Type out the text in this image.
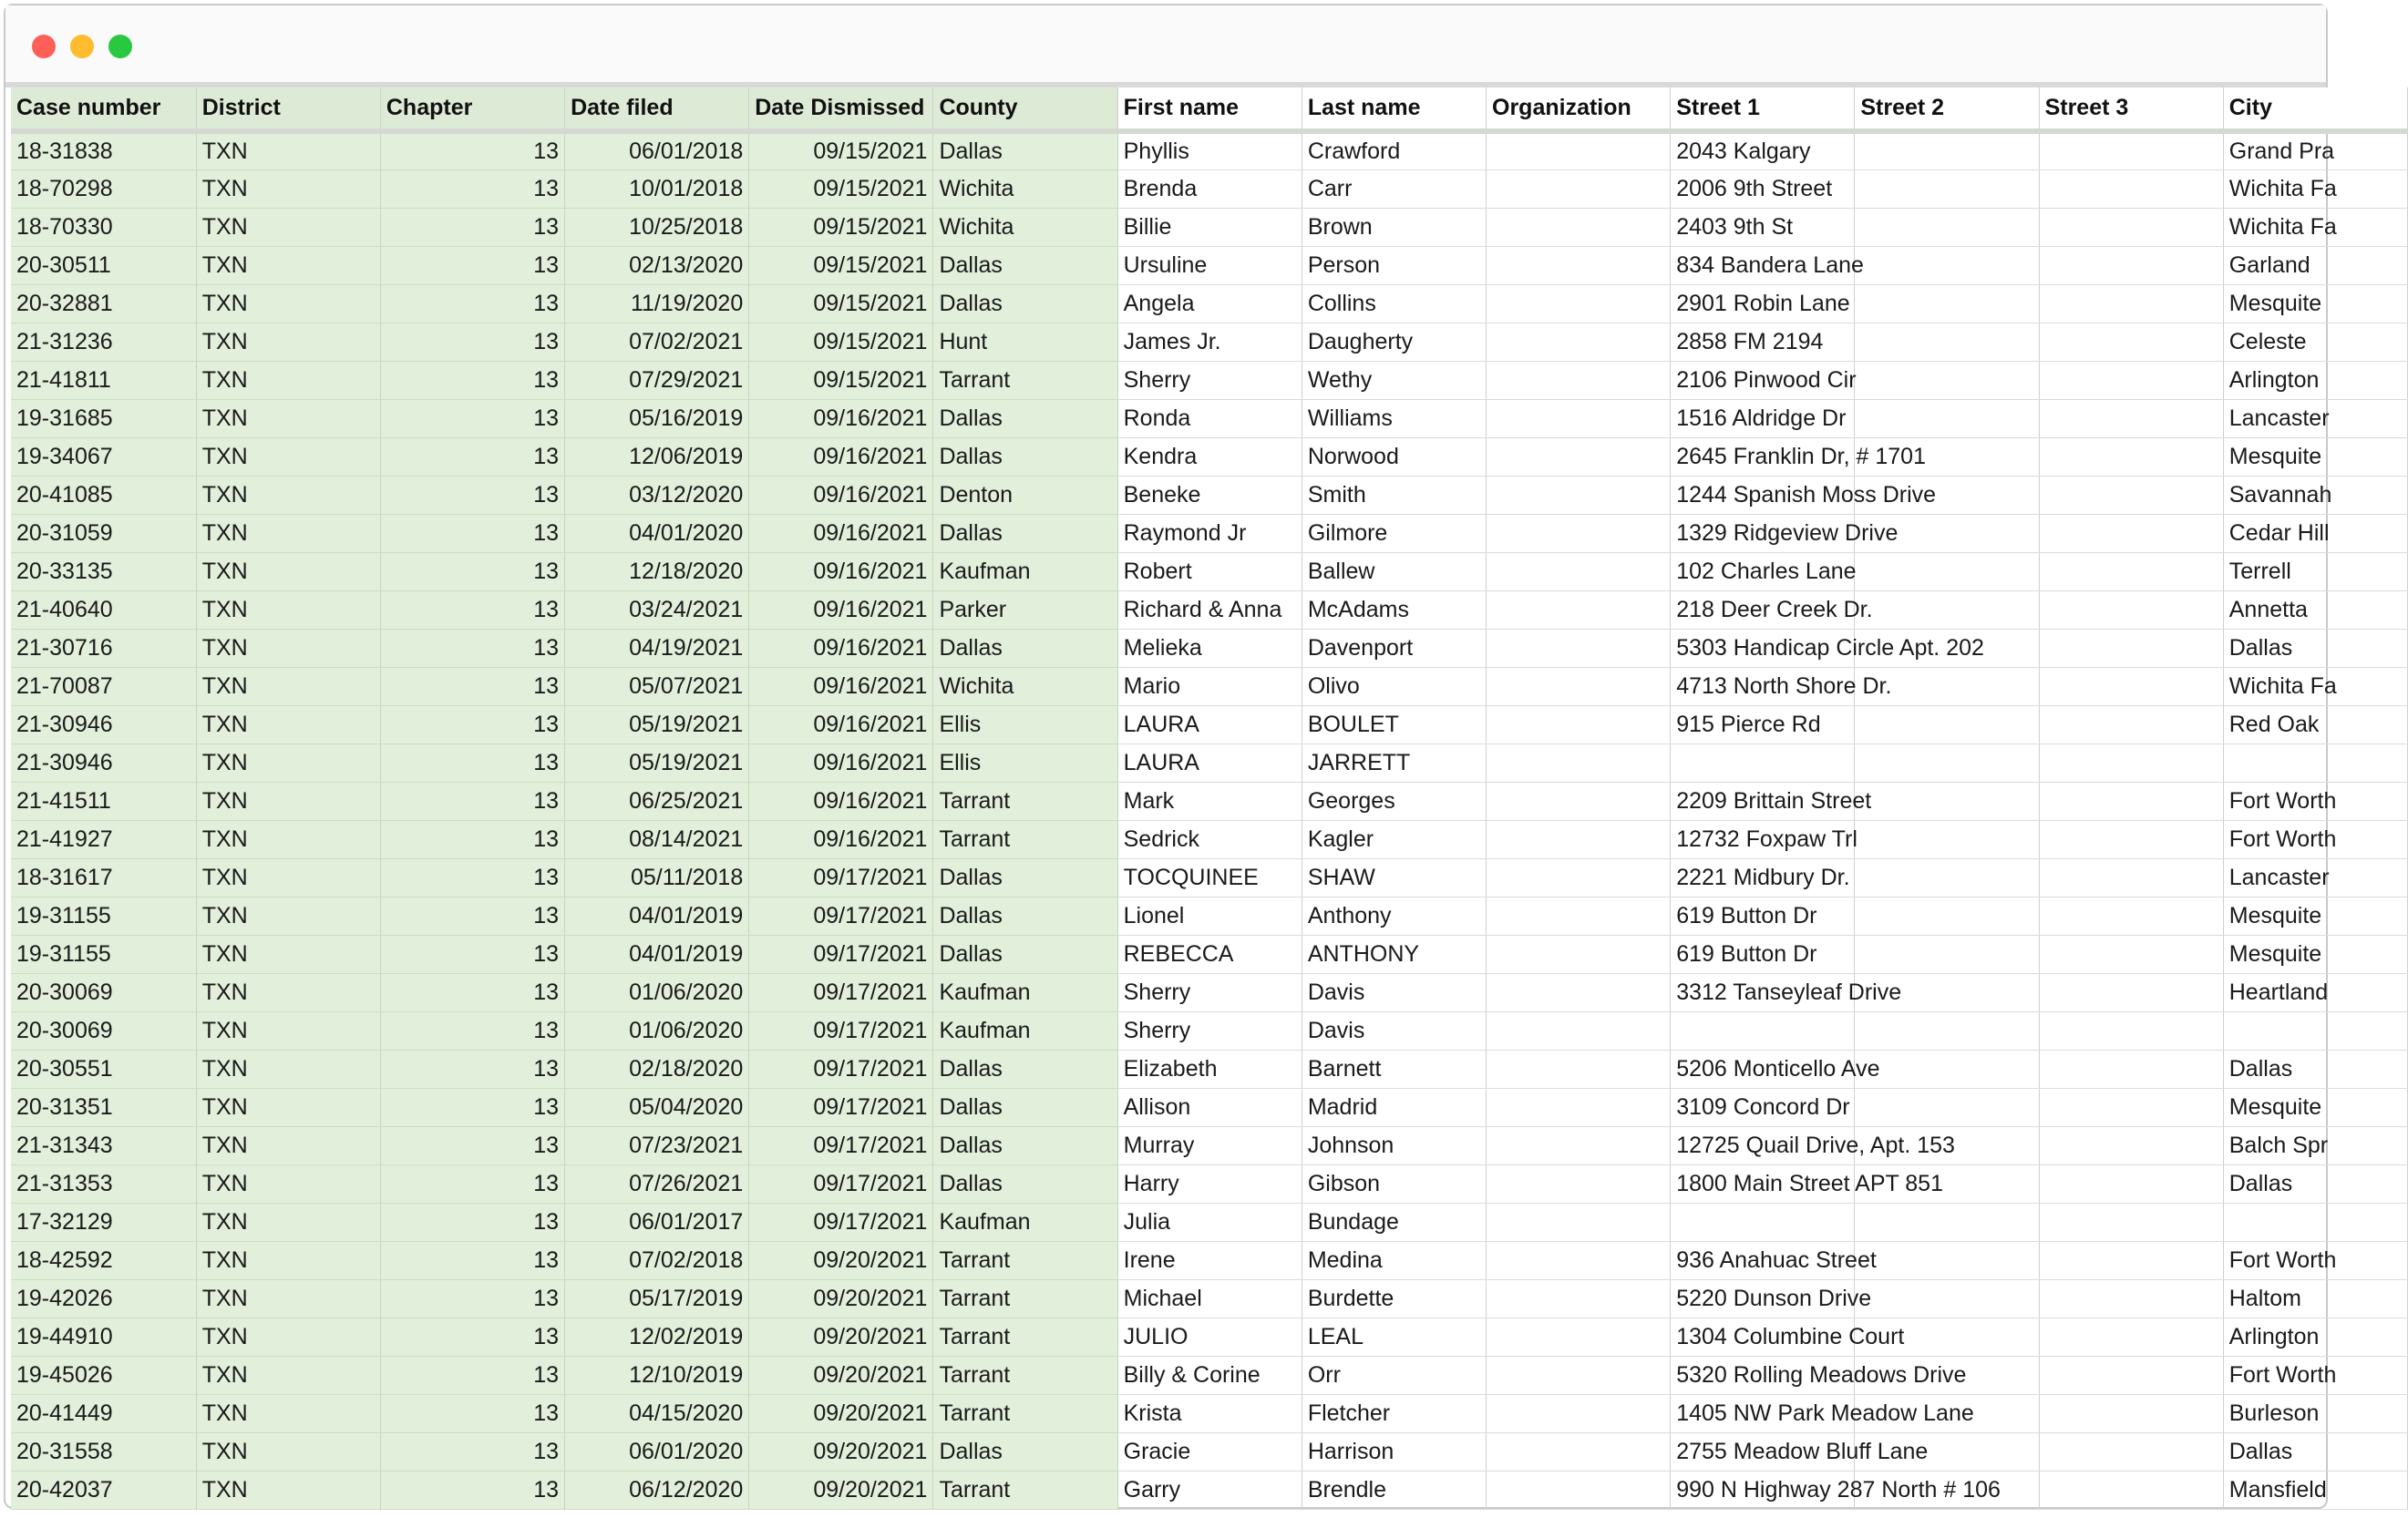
Case number	District	Chapter	Date filed	Date Dismissed	County	First name	Last name	Organization	Street 1	Street 2	Street 3	City
18-31838	TXN	13	06/01/2018	09/15/2021	Dallas	Phyllis	Crawford		2043 Kalgary			Grand Pra
18-70298	TXN	13	10/01/2018	09/15/2021	Wichita	Brenda	Carr		2006 9th Street			Wichita Fa
18-70330	TXN	13	10/25/2018	09/15/2021	Wichita	Billie	Brown		2403 9th St			Wichita Fa
20-30511	TXN	13	02/13/2020	09/15/2021	Dallas	Ursuline	Person		834 Bandera Lane			Garland
20-32881	TXN	13	11/19/2020	09/15/2021	Dallas	Angela	Collins		2901 Robin Lane			Mesquite
21-31236	TXN	13	07/02/2021	09/15/2021	Hunt	James Jr.	Daugherty		2858 FM 2194			Celeste
21-41811	TXN	13	07/29/2021	09/15/2021	Tarrant	Sherry	Wethy		2106 Pinwood Cir			Arlington
19-31685	TXN	13	05/16/2019	09/16/2021	Dallas	Ronda	Williams		1516 Aldridge Dr			Lancaster
19-34067	TXN	13	12/06/2019	09/16/2021	Dallas	Kendra	Norwood		2645 Franklin Dr, # 1701			Mesquite
20-41085	TXN	13	03/12/2020	09/16/2021	Denton	Beneke	Smith		1244 Spanish Moss Drive			Savannah
20-31059	TXN	13	04/01/2020	09/16/2021	Dallas	Raymond Jr	Gilmore		1329 Ridgeview Drive			Cedar Hill
20-33135	TXN	13	12/18/2020	09/16/2021	Kaufman	Robert	Ballew		102 Charles Lane			Terrell
21-40640	TXN	13	03/24/2021	09/16/2021	Parker	Richard & Anna	McAdams		218 Deer Creek Dr.			Annetta
21-30716	TXN	13	04/19/2021	09/16/2021	Dallas	Melieka	Davenport		5303 Handicap Circle Apt. 202			Dallas
21-70087	TXN	13	05/07/2021	09/16/2021	Wichita	Mario	Olivo		4713 North Shore Dr.			Wichita Fa
21-30946	TXN	13	05/19/2021	09/16/2021	Ellis	LAURA	BOULET		915 Pierce Rd			Red Oak
21-30946	TXN	13	05/19/2021	09/16/2021	Ellis	LAURA	JARRETT					
21-41511	TXN	13	06/25/2021	09/16/2021	Tarrant	Mark	Georges		2209 Brittain Street			Fort Worth
21-41927	TXN	13	08/14/2021	09/16/2021	Tarrant	Sedrick	Kagler		12732 Foxpaw Trl			Fort Worth
18-31617	TXN	13	05/11/2018	09/17/2021	Dallas	TOCQUINEE	SHAW		2221 Midbury Dr.			Lancaster
19-31155	TXN	13	04/01/2019	09/17/2021	Dallas	Lionel	Anthony		619 Button Dr			Mesquite
19-31155	TXN	13	04/01/2019	09/17/2021	Dallas	REBECCA	ANTHONY		619 Button Dr			Mesquite
20-30069	TXN	13	01/06/2020	09/17/2021	Kaufman	Sherry	Davis		3312 Tanseyleaf Drive			Heartland
20-30069	TXN	13	01/06/2020	09/17/2021	Kaufman	Sherry	Davis					
20-30551	TXN	13	02/18/2020	09/17/2021	Dallas	Elizabeth	Barnett		5206 Monticello Ave			Dallas
20-31351	TXN	13	05/04/2020	09/17/2021	Dallas	Allison	Madrid		3109 Concord Dr			Mesquite
21-31343	TXN	13	07/23/2021	09/17/2021	Dallas	Murray	Johnson		12725 Quail Drive, Apt. 153			Balch Spr
21-31353	TXN	13	07/26/2021	09/17/2021	Dallas	Harry	Gibson		1800 Main Street APT 851			Dallas
17-32129	TXN	13	06/01/2017	09/17/2021	Kaufman	Julia	Bundage					
18-42592	TXN	13	07/02/2018	09/20/2021	Tarrant	Irene	Medina		936 Anahuac Street			Fort Worth
19-42026	TXN	13	05/17/2019	09/20/2021	Tarrant	Michael	Burdette		5220 Dunson Drive			Haltom
19-44910	TXN	13	12/02/2019	09/20/2021	Tarrant	JULIO	LEAL		1304 Columbine Court			Arlington
19-45026	TXN	13	12/10/2019	09/20/2021	Tarrant	Billy & Corine	Orr		5320 Rolling Meadows Drive			Fort Worth
20-41449	TXN	13	04/15/2020	09/20/2021	Tarrant	Krista	Fletcher		1405 NW Park Meadow Lane			Burleson
20-31558	TXN	13	06/01/2020	09/20/2021	Dallas	Gracie	Harrison		2755 Meadow Bluff Lane			Dallas
20-42037	TXN	13	06/12/2020	09/20/2021	Tarrant	Garry	Brendle		990 N Highway 287 North # 106			Mansfield
